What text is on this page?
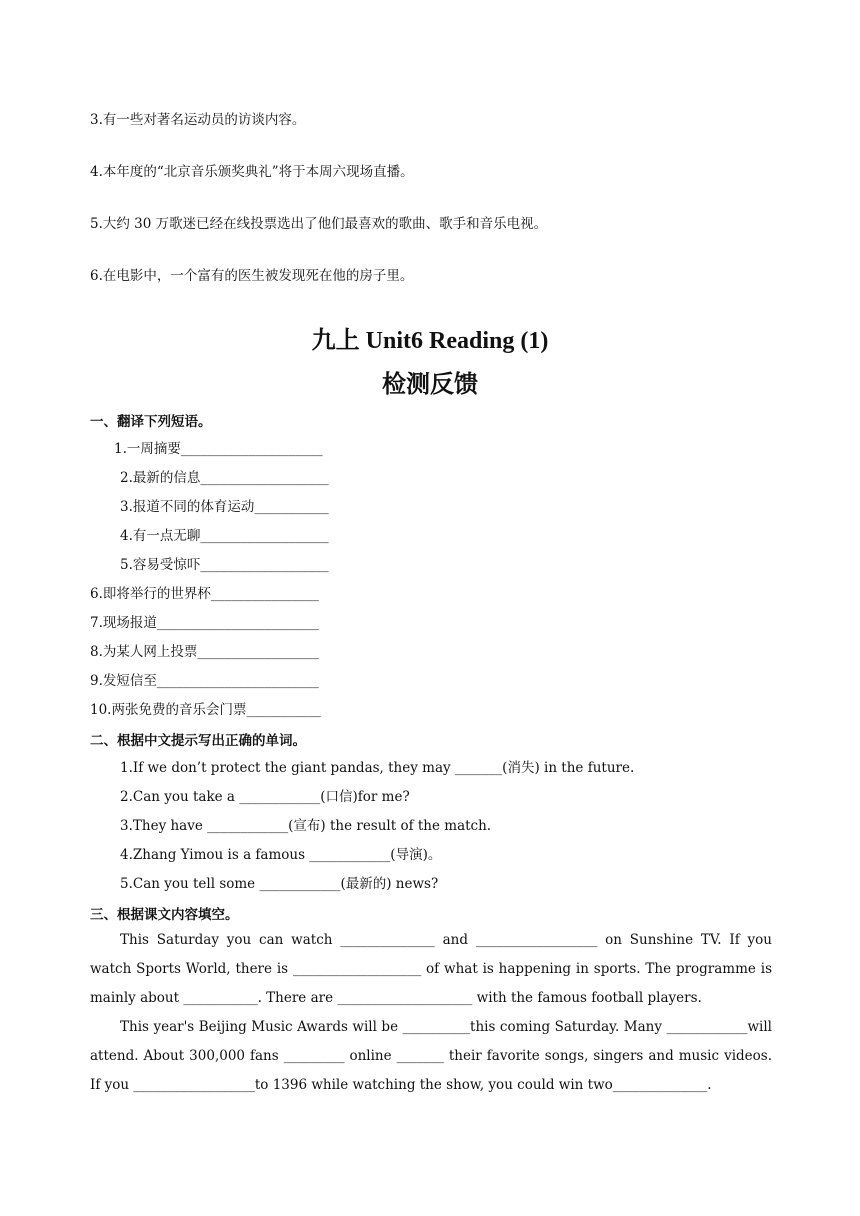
3.有一些对著名运动员的访谈内容。
4.本年度的“北京音乐颁奖典礼”将于本周六现场直播。
5.大约 30 万歌迷已经在线投票选出了他们最喜欢的歌曲、歌手和音乐电视。
6.在电影中，一个富有的医生被发现死在他的房子里。
九上 Unit6 Reading (1)
检测反馈
一、翻译下列短语。
1.一周摘要_____________________
2.最新的信息___________________
3.报道不同的体育运动___________
4.有一点无聊___________________
5.容易受惊吓___________________
6.即将举行的世界杯________________
7.现场报道________________________
8.为某人网上投票__________________
9.发短信至________________________
10.两张免费的音乐会门票___________
二、根据中文提示写出正确的单词。
1.If we don’t protect the giant pandas, they may _______(消失) in the future.
2.Can you take a ____________(口信)for me?
3.They have ____________(宣布) the result of the match.
4.Zhang Yimou is a famous ____________(导演)。
5.Can you tell some ____________(最新的) news?
三、根据课文内容填空。
This Saturday you can watch ______________ and __________________ on Sunshine TV. If you watch Sports World, there is ___________________ of what is happening in sports. The programme is mainly about ___________. There are ____________________ with the famous football players.
This year's Beijing Music Awards will be __________this coming Saturday. Many ____________will attend. About 300,000 fans _________ online _______ their favorite songs, singers and music videos. If you __________________to 1396 while watching the show, you could win two______________.
